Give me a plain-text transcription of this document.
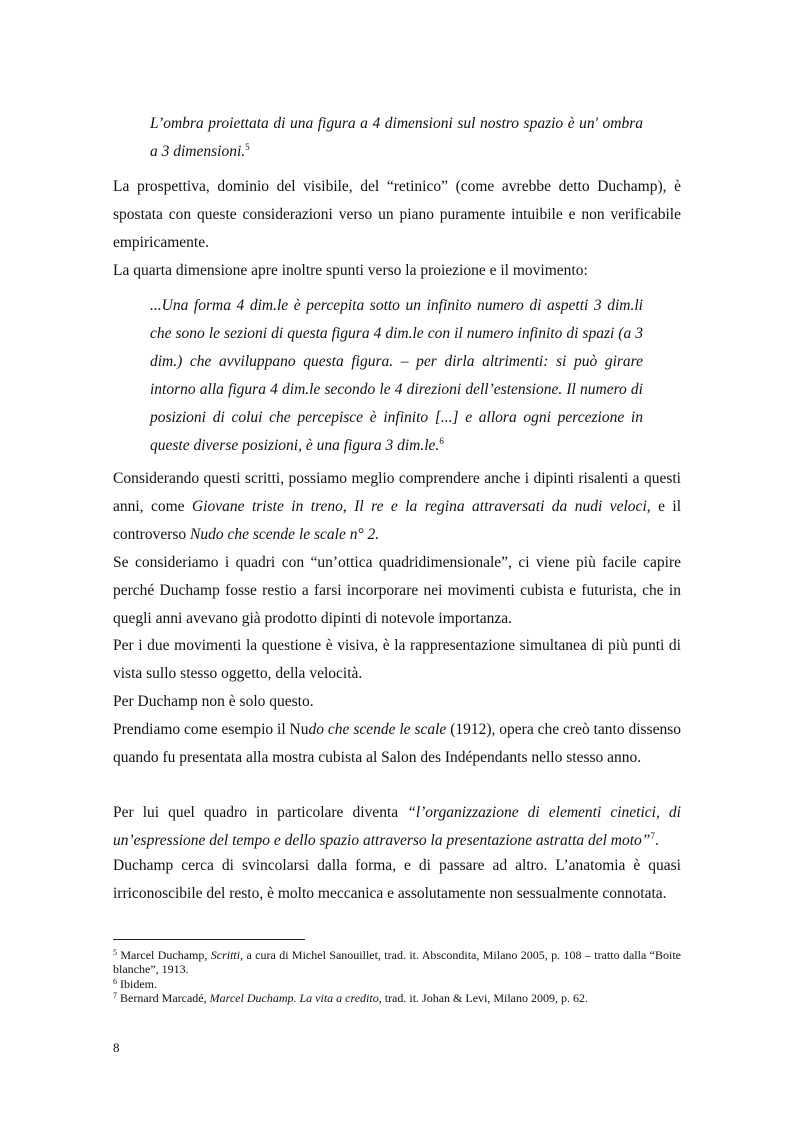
L’ombra proiettata di una figura a 4 dimensioni sul nostro spazio è un' ombra a 3 dimensioni.$^5$

La prospettiva, dominio del visibile, del “retinico” (come avrebbe detto Duchamp), è spostata con queste considerazioni verso un piano puramente intuibile e non verificabile empiricamente.

La quarta dimensione apre inoltre spunti verso la proiezione e il movimento:

...Una forma 4 dim.le è percepita sotto un infinito numero di aspetti 3 dim.li che sono le sezioni di questa figura 4 dim.le con il numero infinito di spazi (a 3 dim.) che avviluppano questa figura. – per dirla altrimenti: si può girare intorno alla figura 4 dim.le secondo le 4 direzioni dell’estensione. Il numero di posizioni di colui che percepisce è infinito [...] e allora ogni percezione in queste diverse posizioni, è una figura 3 dim.le.$^6$

Considerando questi scritti, possiamo meglio comprendere anche i dipinti risalenti a questi anni, come Giovane triste in treno, Il re e la regina attraversati da nudi veloci, e il controverso Nudo che scende le scale n° 2.

Se consideriamo i quadri con “un’ottica quadridimensionale”, ci viene più facile capire perché Duchamp fosse restio a farsi incorporare nei movimenti cubista e futurista, che in quegli anni avevano già prodotto dipinti di notevole importanza.

Per i due movimenti la questione è visiva, è la rappresentazione simultanea di più punti di vista sullo stesso oggetto, della velocità.

Per Duchamp non è solo questo.

Prendiamo come esempio il Nudo che scende le scale (1912), opera che creò tanto dissenso quando fu presentata alla mostra cubista al Salon des Indépendants nello stesso anno.

Per lui quel quadro in particolare diventa “l’organizzazione di elementi cinetici, di un’espressione del tempo e dello spazio attraverso la presentazione astratta del moto”$^7$.

Duchamp cerca di svincolarsi dalla forma, e di passare ad altro. L’anatomia è quasi irriconoscibile del resto, è molto meccanica e assolutamente non sessualmente connotata.

$^5$ Marcel Duchamp, Scritti, a cura di Michel Sanouillet, trad. it. Abscondita, Milano 2005, p. 108 – tratto dalla “Boite blanche”, 1913.

$^6$ Ibidem.

$^7$ Bernard Marcadé, Marcel Duchamp. La vita a credito, trad. it. Johan & Levi, Milano 2009, p. 62.

8
